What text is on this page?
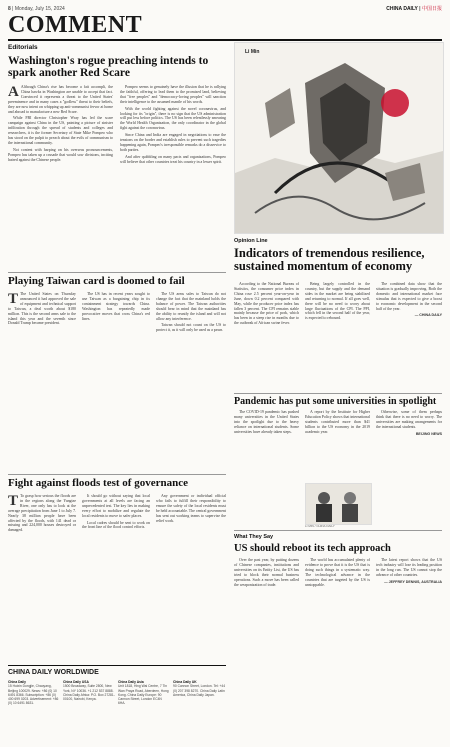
8 | Monday, July 15, 2024	CHINA DAILY | 中国日报
COMMENT
Editorials
Washington's rogue preaching intends to spark another Red Scare

A Although China's rise has become a fait accompli, the China hawks in Washington are unable to accept that fact. Convinced it represents a threat to the United States' preeminence and in many cases a "godless" threat to their beliefs, they are now intent on whipping up anti-communist fervor at home and abroad to manufacture a new Red Scare.

While FBI director Christopher Wray has led the scare campaign against China in the US, painting a picture of sinister infiltration through the spread of students and colleges and researchers, it is the former Secretary of State Mike Pompeo who has stood on the pulpit to preach about the evils of communism to the international community.

Not content with harping on his overseas pronouncements, Pompeo has taken up a crusade that would sow divisions, inciting hatred against the Chinese people.

Pompeo seems to genuinely have the illusion that he is rallying the faithful, offering to lead them to the promised land, believing that "free peoples" and "democracy-loving peoples" will sanction their intelligence to the assumed mantle of his words.

With the world fighting against the novel coronavirus, and looking for its "origin", there is no sign that the US administration will put less before politics. The US has been relentlessly smearing the World Health Organization, the only coordinator in the global fight against the coronavirus.

Since China and India are engaged in negotiations to ease the tensions on the border and establish rules to prevent such tragedies happening again, Pompeo's irresponsible remarks do a disservice to both parties.

And after quibbling on many pacts and organizations, Pompeo will believe that other countries treat his country in a lesser spirit.

Playing Taiwan card is doomed to fail

T The United States on Thursday announced it had approved the sale of equipment and technical support to Taiwan, a deal worth about $180 million. This is the second arms sale to the island this year and the seventh since Donald Trump became president.

The US has in recent years sought to use Taiwan as a bargaining chip in its containment strategy towards China. Washington has repeatedly made provocative moves that cross China's red lines.

The US arms sales to Taiwan do not change the fact that the mainland holds the balance of power. The Taiwan authorities should bear in mind that the mainland has the ability to reunify the island and will not allow any interference.

Taiwan should not count on the US to protect it, as it will only be used as a pawn.

Fight against floods test of governance

T To grasp how serious the floods are in the regions along the Yangtze River, one only has to look at the average precipitation from June 1 to July 7. Nearly 38 million people have been affected by the floods, with 141 dead or missing and 224,000 houses destroyed or damaged.

It should go without saying that local governments at all levels are facing an unprecedented test. The key lies in making every effort to mobilize and regulate the local residents to move to safer places.

Local cadres should be sent to work on the front line of the flood control efforts.

Any government or individual official who fails to fulfill their responsibility to ensure the safety of the local residents must be held accountable. The central government has sent out working teams to supervise the relief work.

CHINA DAILY WORLDWIDE
China Daily
15 Huixin Dongjie, Chaoyang, Beijing 100029. News: +86 (0) 10 6491 8366. Subscription: +86 (0) 400 699 0203. Advertisement: +86 (0) 10 6491 8631.
China Daily USA
1500 Broadway, Suite 2800, New York, NY 10036. +1 212 537 8888. China Daily Africa: P.O. Box 27281-00100, Nairobi, Kenya.
China Daily Asia
Unit 1818, Hing Wai Centre, 7 Tin Wan Praya Road, Aberdeen, Hong Kong. China Daily Europe: 90 Cannon Street, London EC4N 6HA.
China Daily UK
90 Cannon Street, London. Tel: +44 (0) 207 398 8270. China Daily Latin America, China Daily Japan.
Li Min
Opinion Line
Indicators of tremendous resilience, sustained momentum of economy

According to the National Bureau of Statistics, the consumer price index in China rose 2.5 percent year-on-year in June, down 0.2 percent compared with May, while the producer price index has fallen 3 percent. The CPI remains stable mainly because the price of pork, which has been in a steep rise in months due to the outbreak of African swine fever.

Being largely controlled in the country, but the supply and the demand sides in the market are being stabilized and returning to normal. If all goes well, there will be no need to worry about large fluctuations of the CPI. The PPI, which fell in the second half of the year, is expected to rebound.

The combined data show that the situation is gradually improving. Both the domestic and international market face stimulus that is expected to give a boost to economic development in the second half of the year.

— CHINA DAILY

Pandemic has put some universities in spotlight

The COVID-19 pandemic has pushed many universities in the United States into the spotlight due to the heavy reliance on international students. Some universities have already taken steps.

A report by the Institute for Higher Education Policy shows that international students contributed more than $41 billion to the US economy in the 2019 academic year.

LI MIN / CHINA DAILY

Otherwise, some of them perhaps think that there is no need to worry. The universities are making arrangements for the international students.

BEIJING NEWS

What They Say
US should reboot its tech approach

Over the past year, by putting dozens of Chinese companies, institutions and universities on its Entity List, the US has tried to block their normal business operations. Such a move has been called the weaponization of trade.

The world has accumulated plenty of evidence to prove that it is the US that is doing such things in a systematic way. The technological advance in the countries that are targeted by the US is unstoppable.

The latest report shows that the US tech industry will lose its leading position in the long run. The US cannot stop the advance of other countries.

— JEFFREY DENNIS, AUSTRALIA
